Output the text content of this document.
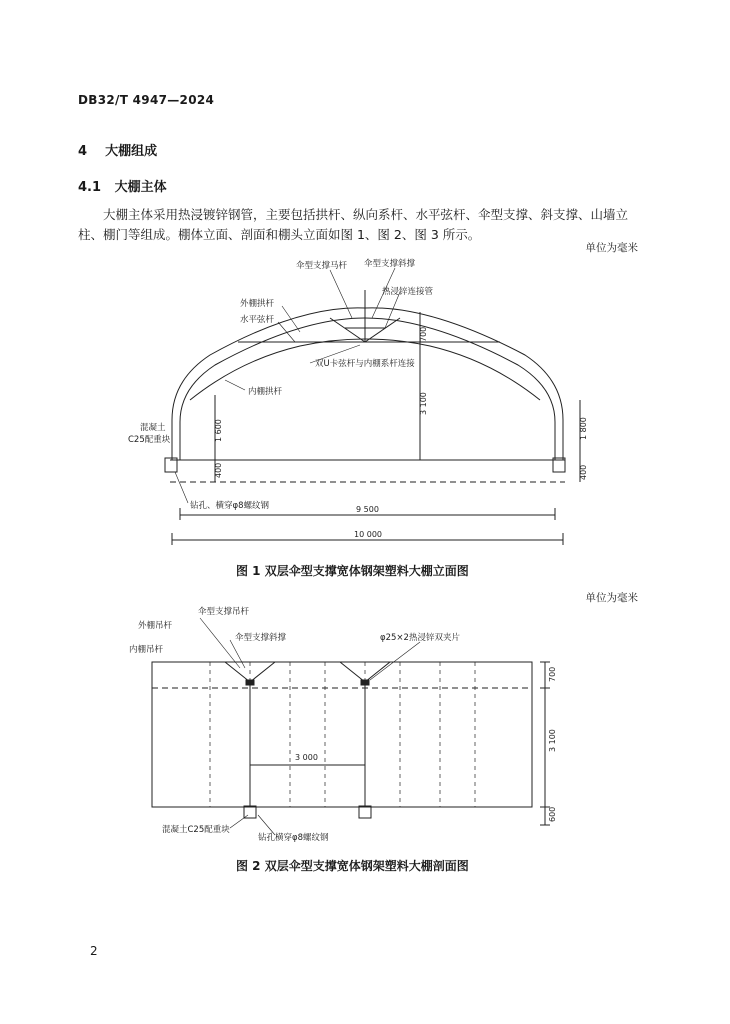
DB32/T 4947—2024
4 大棚组成
4.1 大棚主体
大棚主体采用热浸镀锌钢管，主要包括拱杆、纵向系杆、水平弦杆、伞型支撑、斜支撑、山墙立柱、棚门等组成。棚体立面、剖面和棚头立面如图 1、图 2、图 3 所示。
单位为毫米
伞型支撑马杆 伞型支撑斜撑
热浸锌连接管
外棚拱杆
水平弦杆
双U卡弦杆与内棚系杆连接
内棚拱杆
混凝土
C25配重块
钻孔、横穿φ8螺纹钢
700
3 100
1 600
400
1 800
400
9 500
10 000
图 1 双层伞型支撑宽体钢架塑料大棚立面图
单位为毫米
伞型支撑吊杆
外棚吊杆
伞型支撑斜撑	φ25×2热浸锌双夹片
内棚吊杆
混凝土C25配重块
钻孔横穿φ8螺纹钢
3 000
700
3 100
600
图 2 双层伞型支撑宽体钢架塑料大棚剖面图
2
